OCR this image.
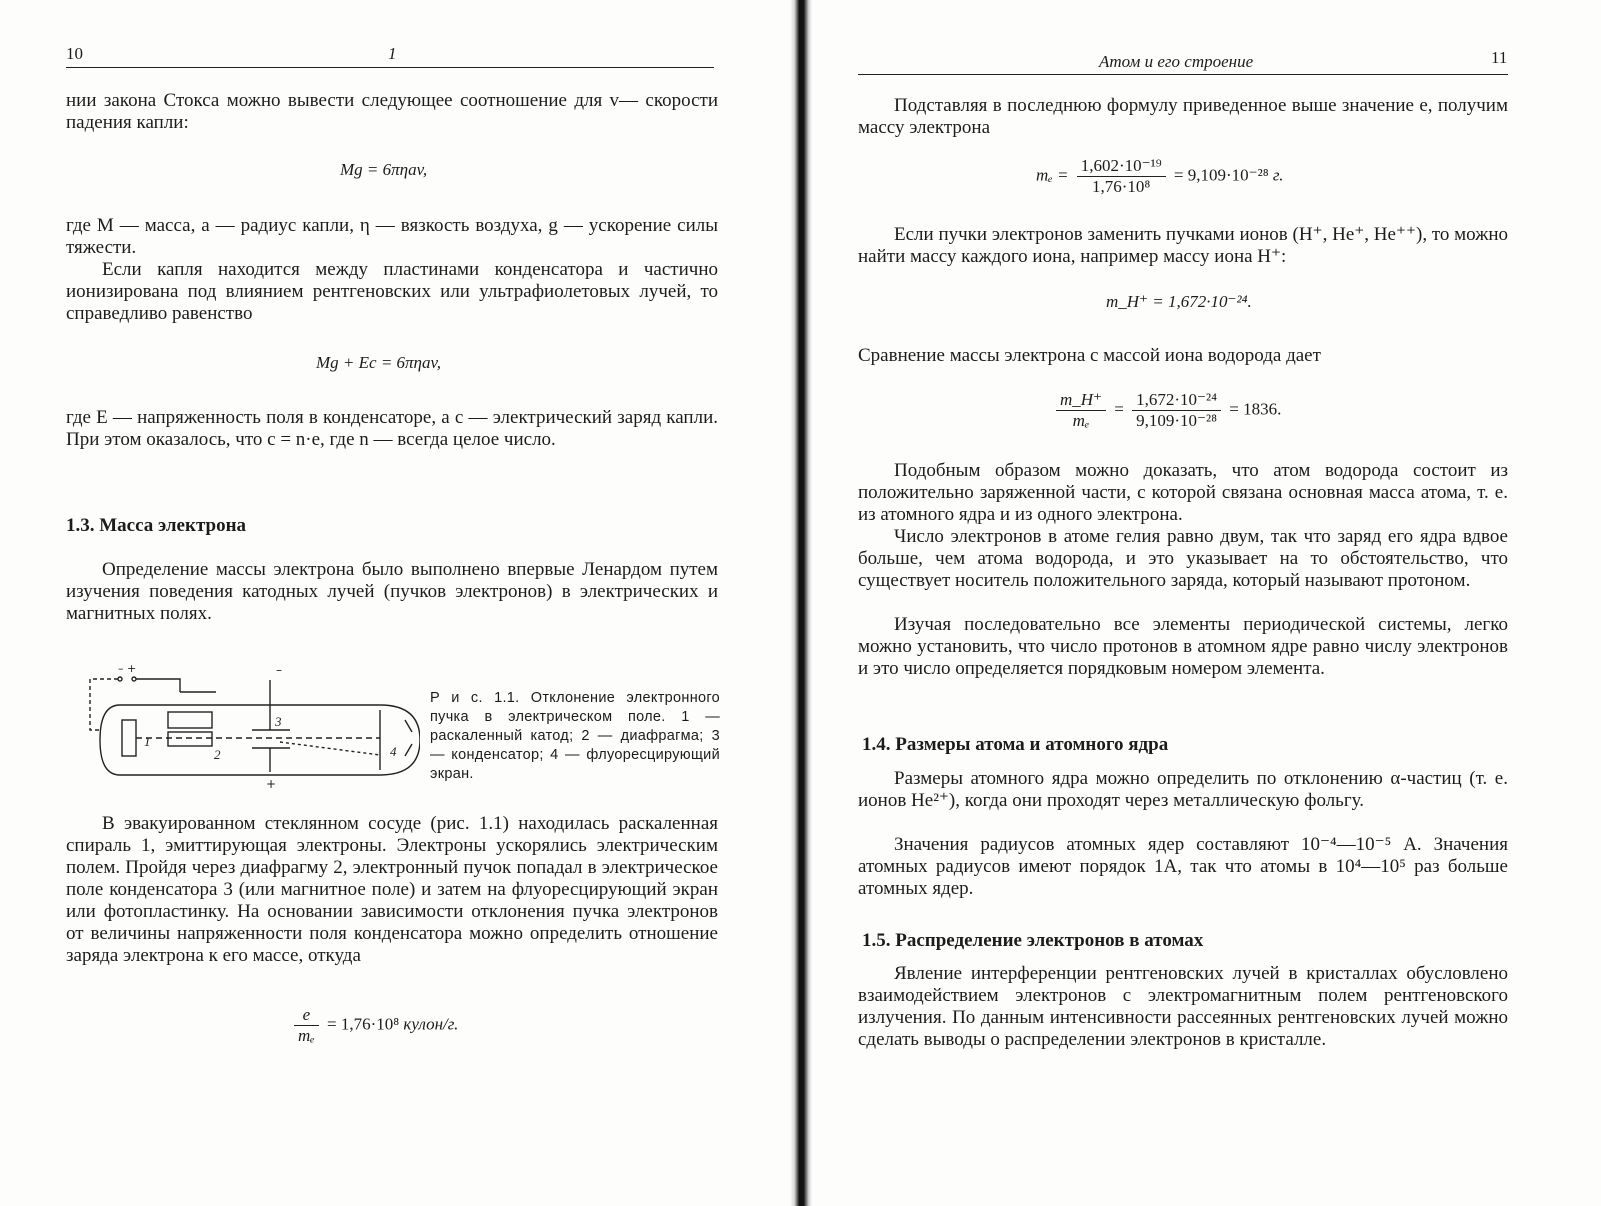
10	1

нии закона Стокса можно вывести следующее соотношение для v— скорости падения капли:

Mg = 6πηav,

где M — масса, a — радиус капли, η — вязкость воздуха, g — ускорение силы тяжести.

Если капля находится между пластинами конденсатора и частично ионизирована под влиянием рентгеновских или ультрафиолетовых лучей, то справедливо равенство

Mg + Ec = 6πηav,

где E — напряженность поля в конденсаторе, а c — электрический заряд капли. При этом оказалось, что c = n·e, где n — всегда целое число.

1.3. Масса электрона

Определение массы электрона было выполнено впервые Ленардом путем изучения поведения катодных лучей (пучков электронов) в электрических и магнитных полях.

– +
1
2
3
4
–
+

Р и с. 1.1. Отклонение электронного пучка в электрическом поле. 1 — раскаленный катод; 2 — диафрагма; 3 — конденсатор; 4 — флуоресцирующий экран.

В эвакуированном стеклянном сосуде (рис. 1.1) находилась раскаленная спираль 1, эмиттирующая электроны. Электроны ускорялись электрическим полем. Пройдя через диафрагму 2, электронный пучок попадал в электрическое поле конденсатора 3 (или магнитное поле) и затем на флуоресцирующий экран или фотопластинку. На основании зависимости отклонения пучка электронов от величины напряженности поля конденсатора можно определить отношение заряда электрона к его массе, откуда

$\frac{e}{\text{mₑ}} = 1,76\cdot 10^8$ кулон/г.
Атом и его строение	11

Подставляя в последнюю формулу приведенное выше значение e, получим массу электрона

$m_e = \frac{\text{1,602·10⁻¹⁹}}{\text{1,76·10⁸}} = 9,109\cdot 10^{-28}$ г.

Если пучки электронов заменить пучками ионов (H⁺, He⁺, He⁺⁺), то можно найти массу каждого иона, например массу иона H⁺:

m_H⁺ = 1,672·10⁻²⁴.

Сравнение массы электрона с массой иона водорода дает

$\frac{m\_H^+}{\text{mₑ}} = \frac{\text{1,672·10⁻²⁴}}{\text{9,109·10⁻²⁸}} = 1836$.

Подобным образом можно доказать, что атом водорода состоит из положительно заряженной части, с которой связана основная масса атома, т. е. из атомного ядра и из одного электрона.

Число электронов в атоме гелия равно двум, так что заряд его ядра вдвое больше, чем атома водорода, и это указывает на то обстоятельство, что существует носитель положительного заряда, который называют протоном.

Изучая последовательно все элементы периодической системы, легко можно установить, что число протонов в атомном ядре равно числу электронов и это число определяется порядковым номером элемента.

1.4. Размеры атома и атомного ядра

Размеры атомного ядра можно определить по отклонению α-частиц (т. е. ионов He²⁺), когда они проходят через металлическую фольгу.

Значения радиусов атомных ядер составляют 10⁻⁴—10⁻⁵ А. Значения атомных радиусов имеют порядок 1А, так что атомы в 10⁴—10⁵ раз больше атомных ядер.

1.5. Распределение электронов в атомах

Явление интерференции рентгеновских лучей в кристаллах обусловлено взаимодействием электронов с электромагнитным полем рентгеновского излучения. По данным интенсивности рассеянных рентгеновских лучей можно сделать выводы о распределении электронов в кристалле.
